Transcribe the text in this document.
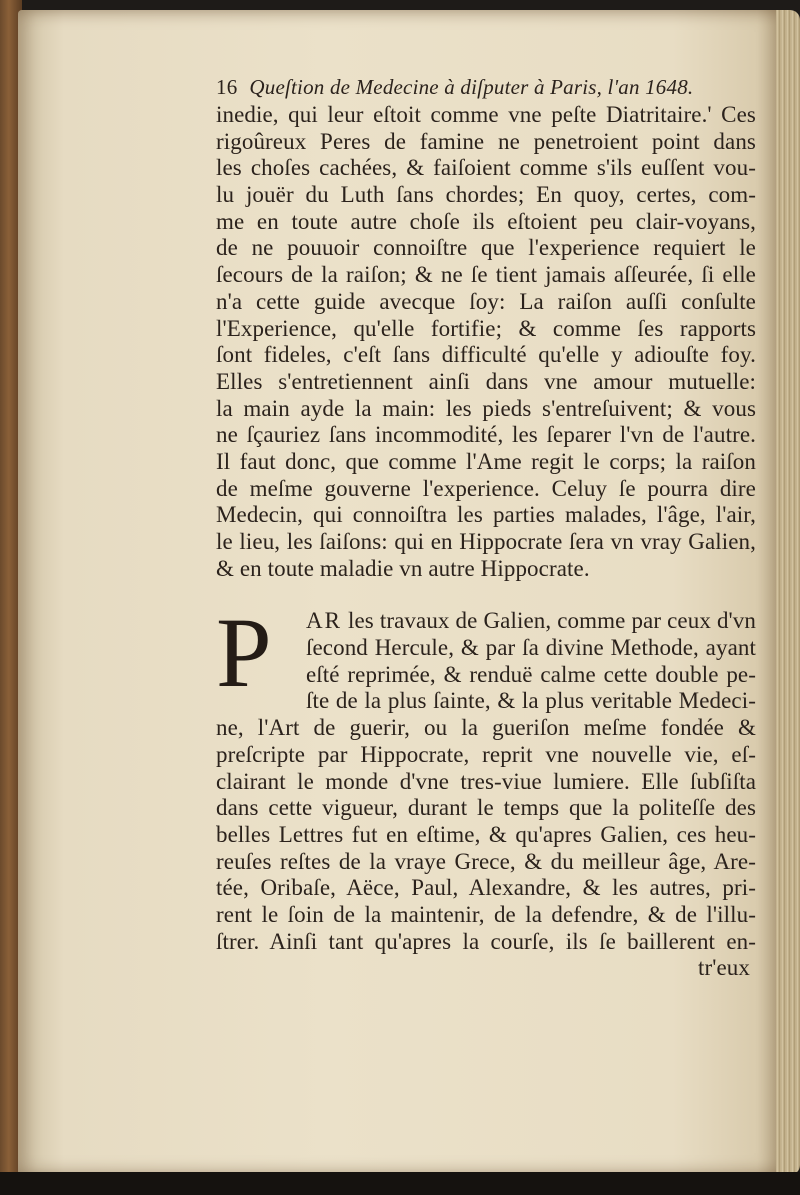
16 Queſtion de Medecine à diſputer à Paris, l'an 1648.
inedie, qui leur eſtoit comme vne peſte Diatritaire.' Ces
rigoûreux Peres de famine ne penetroient point dans
les choſes cachées, & faiſoient comme s'ils euſſent vou-
lu jouër du Luth ſans chordes; En quoy, certes, com-
me en toute autre choſe ils eſtoient peu clair-voyans,
de ne pouuoir connoiſtre que l'experience requiert le
ſecours de la raiſon; & ne ſe tient jamais aſſeurée, ſi elle
n'a cette guide avecque ſoy: La raiſon auſſi conſulte
l'Experience, qu'elle fortifie; & comme ſes rapports
ſont fideles, c'eſt ſans difficulté qu'elle y adiouſte foy.
Elles s'entretiennent ainſi dans vne amour mutuelle:
la main ayde la main: les pieds s'entreſuivent; & vous
ne ſçauriez ſans incommodité, les ſeparer l'vn de l'autre.
Il faut donc, que comme l'Ame regit le corps; la raiſon
de meſme gouverne l'experience. Celuy ſe pourra dire
Medecin, qui connoiſtra les parties malades, l'âge, l'air,
le lieu, les ſaiſons: qui en Hippocrate ſera vn vray Galien,
& en toute maladie vn autre Hippocrate.
P AR les travaux de Galien, comme par ceux d'vn
ſecond Hercule, & par ſa divine Methode, ayant
eſté reprimée, & renduë calme cette double pe-
ſte de la plus ſainte, & la plus veritable Medeci-
ne, l'Art de guerir, ou la gueriſon meſme fondée &
preſcripte par Hippocrate, reprit vne nouvelle vie, eſ-
clairant le monde d'vne tres-viue lumiere. Elle ſubſiſta
dans cette vigueur, durant le temps que la politeſſe des
belles Lettres fut en eſtime, & qu'apres Galien, ces heu-
reuſes reſtes de la vraye Grece, & du meilleur âge, Are-
tée, Oribaſe, Aëce, Paul, Alexandre, & les autres, pri-
rent le ſoin de la maintenir, de la defendre, & de l'illu-
ſtrer. Ainſi tant qu'apres la courſe, ils ſe baillerent en-
tr'eux
